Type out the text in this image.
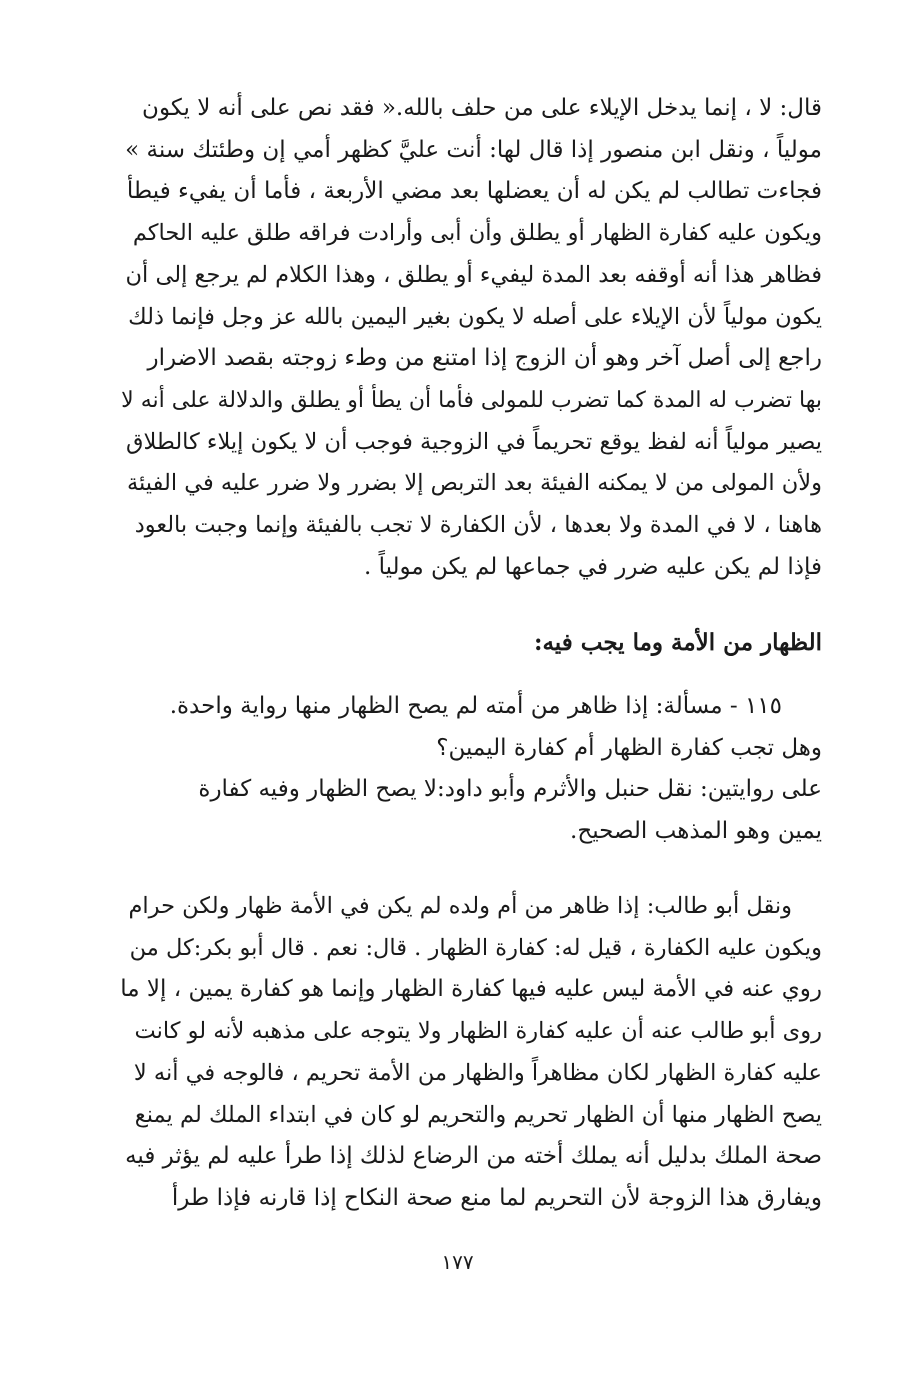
قال: لا ، إنما يدخل الإيلاء على من حلف بالله.« فقد نص على أنه لا يكون
مولياً ، ونقل ابن منصور إذا قال لها: أنت عليَّ كظهر أمي إن وطئتك سنة »
فجاءت تطالب لم يكن له أن يعضلها بعد مضي الأربعة ، فأما أن يفيء فيطأ
ويكون عليه كفارة الظهار أو يطلق وأن أبى وأرادت فراقه طلق عليه الحاكم
فظاهر هذا أنه أوقفه بعد المدة ليفيء أو يطلق ، وهذا الكلام لم يرجع إلى أن
يكون مولياً لأن الإيلاء على أصله لا يكون بغير اليمين بالله عز وجل فإنما ذلك
راجع إلى أصل آخر وهو أن الزوج إذا امتنع من وطء زوجته بقصد الاضرار
بها تضرب له المدة كما تضرب للمولى فأما أن يطأ أو يطلق والدلالة على أنه لا
يصير مولياً أنه لفظ يوقع تحريماً في الزوجية فوجب أن لا يكون إيلاء كالطلاق
ولأن المولى من لا يمكنه الفيئة بعد التربص إلا بضرر ولا ضرر عليه في الفيئة
هاهنا ، لا في المدة ولا بعدها ، لأن الكفارة لا تجب بالفيئة وإنما وجبت بالعود
فإذا لم يكن عليه ضرر في جماعها لم يكن مولياً .
الظهار من الأمة وما يجب فيه:
١١٥ - مسألة: إذا ظاهر من أمته لم يصح الظهار منها رواية واحدة.
وهل تجب كفارة الظهار أم كفارة اليمين؟
على روايتين: نقل حنبل والأثرم وأبو داود:لا يصح الظهار وفيه كفارة
يمين وهو المذهب الصحيح.
ونقل أبو طالب: إذا ظاهر من أم ولده لم يكن في الأمة ظهار ولكن حرام
ويكون عليه الكفارة ، قيل له: كفارة الظهار . قال: نعم . قال أبو بكر:كل من
روي عنه في الأمة ليس عليه فيها كفارة الظهار وإنما هو كفارة يمين ، إلا ما
روى أبو طالب عنه أن عليه كفارة الظهار ولا يتوجه على مذهبه لأنه لو كانت
عليه كفارة الظهار لكان مظاهراً والظهار من الأمة تحريم ، فالوجه في أنه لا
يصح الظهار منها أن الظهار تحريم والتحريم لو كان في ابتداء الملك لم يمنع
صحة الملك بدليل أنه يملك أخته من الرضاع لذلك إذا طرأ عليه لم يؤثر فيه
ويفارق هذا الزوجة لأن التحريم لما منع صحة النكاح إذا قارنه فإذا طرأ
١٧٧
